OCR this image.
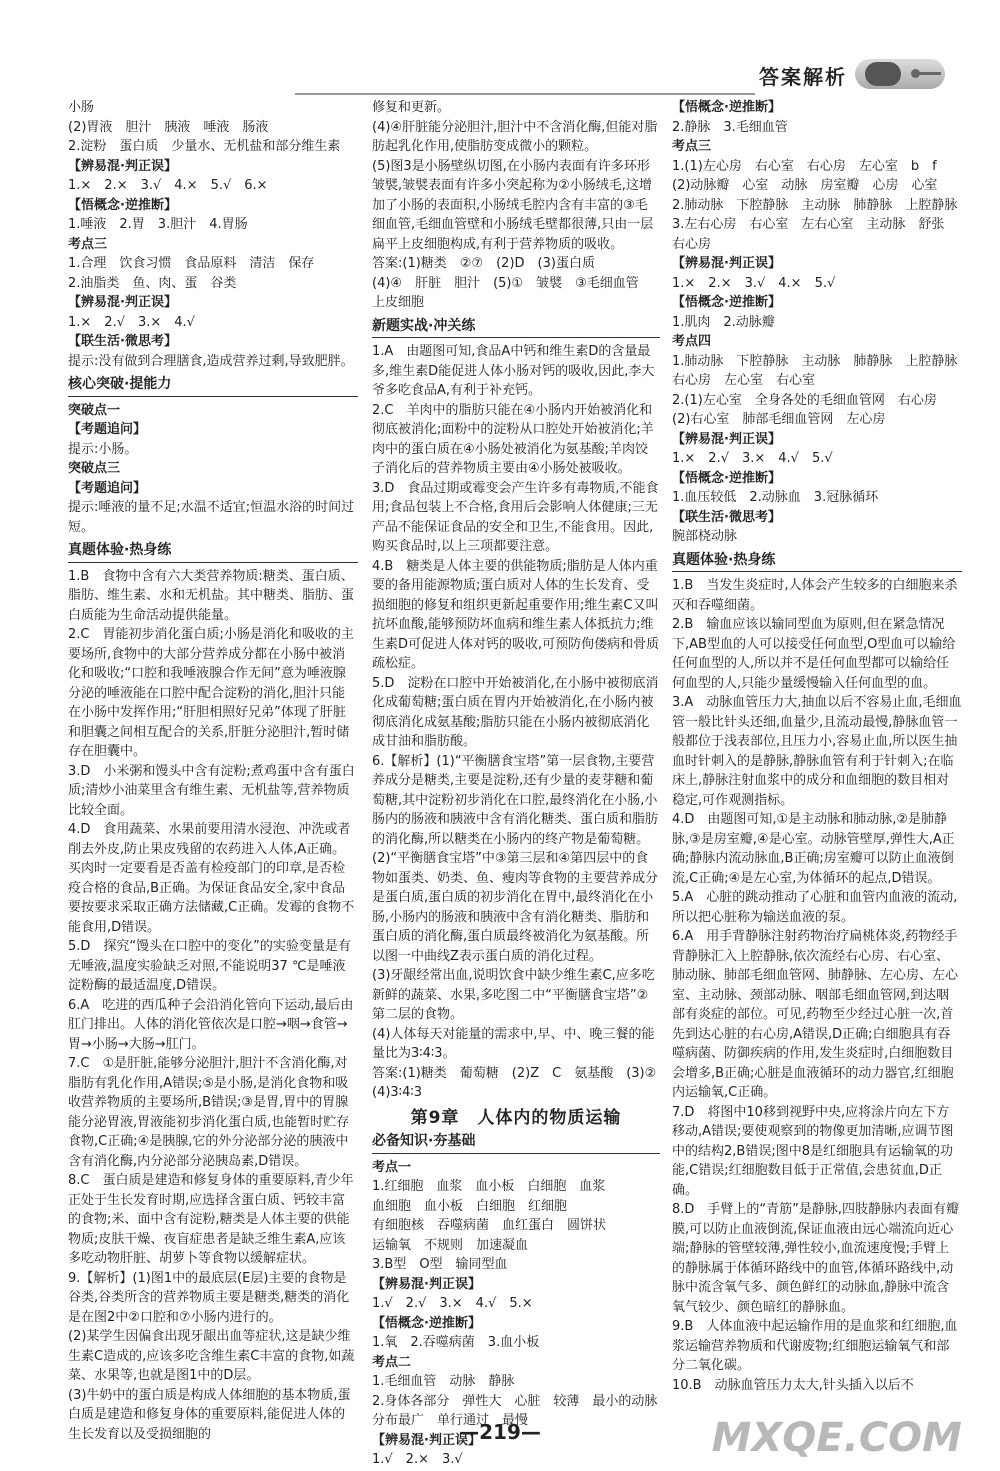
答案解析
小肠
(2)胃液　胆汁　胰液　唾液　肠液
2.淀粉　蛋白质　少量水、无机盐和部分维生素
【辨易混·判正误】
1.×　2.×　3.√　4.×　5.√　6.×
【悟概念·逆推断】
1.唾液　2.胃　3.胆汁　4.胃肠
考点三
1.合理　饮食习惯　食品原料　清洁　保存
2.油脂类　鱼、肉、蛋　谷类
【辨易混·判正误】
1.×　2.√　3.×　4.√
【联生活·微思考】
提示:没有做到合理膳食,造成营养过剩,导致肥胖。
核心突破·提能力
突破点一
【考题追问】
提示:小肠。
突破点三
【考题追问】
提示:唾液的量不足;水温不适宜;恒温水浴的时间过短。
真题体验·热身练
1.B　食物中含有六大类营养物质:糖类、蛋白质、脂肪、维生素、水和无机盐。其中糖类、脂肪、蛋白质能为生命活动提供能量。
2.C　胃能初步消化蛋白质;小肠是消化和吸收的主要场所,食物中的大部分营养成分都在小肠中被消化和吸收;“口腔和我唾液腺合作无间”意为唾液腺分泌的唾液能在口腔中配合淀粉的消化,胆汁只能在小肠中发挥作用;“肝胆相照好兄弟”体现了肝脏和胆囊之间相互配合的关系,肝脏分泌胆汁,暂时储存在胆囊中。
3.D　小米粥和馒头中含有淀粉;煮鸡蛋中含有蛋白质;清炒小油菜里含有维生素、无机盐等,营养物质比较全面。
4.D　食用蔬菜、水果前要用清水浸泡、冲洗或者削去外皮,防止果皮残留的农药进入人体,A正确。买肉时一定要看是否盖有检疫部门的印章,是否检疫合格的食品,B正确。为保证食品安全,家中食品要按要求采取正确方法储藏,C正确。发霉的食物不能食用,D错误。
5.D　探究“馒头在口腔中的变化”的实验变量是有无唾液,温度实验缺乏对照,不能说明37 ℃是唾液淀粉酶的最适温度,D错误。
6.A　吃进的西瓜种子会沿消化管向下运动,最后由肛门排出。人体的消化管依次是口腔→咽→食管→胃→小肠→大肠→肛门。
7.C　①是肝脏,能够分泌胆汁,胆汁不含消化酶,对脂肪有乳化作用,A错误;⑤是小肠,是消化食物和吸收营养物质的主要场所,B错误;③是胃,胃中的胃腺能分泌胃液,胃液能初步消化蛋白质,也能暂时贮存食物,C正确;④是胰腺,它的外分泌部分泌的胰液中含有消化酶,内分泌部分泌胰岛素,D错误。
8.C　蛋白质是建造和修复身体的重要原料,青少年正处于生长发育时期,应选择含蛋白质、钙较丰富的食物;米、面中含有淀粉,糖类是人体主要的供能物质;皮肤干燥、夜盲症患者是缺乏维生素A,应该多吃动物肝脏、胡萝卜等食物以缓解症状。
9.【解析】(1)图1中的最底层(E层)主要的食物是谷类,谷类所含的营养物质主要是糖类,糖类的消化是在图2中②口腔和⑦小肠内进行的。
(2)某学生因偏食出现牙龈出血等症状,这是缺少维生素C造成的,应该多吃含维生素C丰富的食物,如蔬菜、水果等,也就是图1中的D层。
(3)牛奶中的蛋白质是构成人体细胞的基本物质,蛋白质是建造和修复身体的重要原料,能促进人体的生长发育以及受损细胞的
修复和更新。
(4)④肝脏能分泌胆汁,胆汁中不含消化酶,但能对脂肪起乳化作用,使脂肪变成微小的颗粒。
(5)图3是小肠壁纵切图,在小肠内表面有许多环形皱襞,皱襞表面有许多小突起称为②小肠绒毛,这增加了小肠的表面积,小肠绒毛腔内含有丰富的③毛细血管,毛细血管壁和小肠绒毛壁都很薄,只由一层扁平上皮细胞构成,有利于营养物质的吸收。
答案:(1)糖类　②⑦　(2)D　(3)蛋白质
(4)④　肝脏　胆汁　(5)①　皱襞　③毛细血管
上皮细胞
新题实战·冲关练
1.A　由题图可知,食品A中钙和维生素D的含量最多,维生素D能促进人体小肠对钙的吸收,因此,李大爷多吃食品A,有利于补充钙。
2.C　羊肉中的脂肪只能在④小肠内开始被消化和彻底被消化;面粉中的淀粉从口腔处开始被消化;羊肉中的蛋白质在④小肠处被消化为氨基酸;羊肉饺子消化后的营养物质主要由④小肠处被吸收。
3.D　食品过期或霉变会产生许多有毒物质,不能食用;食品包装上不合格,食用后会影响人体健康;三无产品不能保证食品的安全和卫生,不能食用。因此,购买食品时,以上三项都要注意。
4.B　糖类是人体主要的供能物质;脂肪是人体内重要的备用能源物质;蛋白质对人体的生长发育、受损细胞的修复和组织更新起重要作用;维生素C又叫抗坏血酸,能够预防坏血病和维生素人体抵抗力;维生素D可促进人体对钙的吸收,可预防佝偻病和骨质疏松症。
5.D　淀粉在口腔中开始被消化,在小肠中被彻底消化成葡萄糖;蛋白质在胃内开始被消化,在小肠内被彻底消化成氨基酸;脂肪只能在小肠内被彻底消化成甘油和脂肪酸。
6.【解析】(1)“平衡膳食宝塔”第一层食物,主要营养成分是糖类,主要是淀粉,还有少量的麦芽糖和葡萄糖,其中淀粉初步消化在口腔,最终消化在小肠,小肠内的肠液和胰液中含有消化糖类、蛋白质和脂肪的消化酶,所以糖类在小肠内的终产物是葡萄糖。
(2)“平衡膳食宝塔”中③第三层和④第四层中的食物如蛋类、奶类、鱼、瘦肉等食物的主要营养成分是蛋白质,蛋白质的初步消化在胃中,最终消化在小肠,小肠内的肠液和胰液中含有消化糖类、脂肪和蛋白质的消化酶,蛋白质最终被消化为氨基酸。所以图一中曲线Z表示蛋白质的消化过程。
(3)牙龈经常出血,说明饮食中缺少维生素C,应多吃新鲜的蔬菜、水果,多吃图二中“平衡膳食宝塔”②第二层的食物。
(4)人体每天对能量的需求中,早、中、晚三餐的能量比为3∶4∶3。
答案:(1)糖类　葡萄糖　(2)Z　C　氨基酸　(3)②　(4)3∶4∶3
第9章　人体内的物质运输
必备知识·夯基础
考点一
1.红细胞　血浆　血小板　白细胞　血浆
血细胞　血小板　白细胞　红细胞
有细胞核　吞噬病菌　血红蛋白　圆饼状
运输氧　不规则　加速凝血
3.B型　O型　输同型血
【辨易混·判正误】
1.√　2.√　3.×　4.√　5.×
【悟概念·逆推断】
1.氧　2.吞噬病菌　3.血小板
考点二
1.毛细血管　动脉　静脉
2.身体各部分　弹性大　心脏　较薄　最小的动脉　分布最广　单行通过　最慢
【辨易混·判正误】
1.√　2.×　3.√
【悟概念·逆推断】
2.静脉　3.毛细血管
考点三
1.(1)左心房　右心室　右心房　左心室　b　f
(2)动脉瓣　心室　动脉　房室瓣　心房　心室
2.肺动脉　下腔静脉　主动脉　肺静脉　上腔静脉
3.左右心房　右心室　左右心室　主动脉　舒张　右心房
【辨易混·判正误】
1.×　2.×　3.√　4.×　5.√
【悟概念·逆推断】
1.肌肉　2.动脉瓣
考点四
1.肺动脉　下腔静脉　主动脉　肺静脉　上腔静脉　右心房　左心室　右心室
2.(1)左心室　全身各处的毛细血管网　右心房
(2)右心室　肺部毛细血管网　左心房
【辨易混·判正误】
1.×　2.√　3.×　4.√　5.√
【悟概念·逆推断】
1.血压较低　2.动脉血　3.冠脉循环
【联生活·微思考】
腕部桡动脉
真题体验·热身练
1.B　当发生炎症时,人体会产生较多的白细胞来杀灭和吞噬细菌。
2.B　输血应该以输同型血为原则,但在紧急情况下,AB型血的人可以接受任何血型,O型血可以输给任何血型的人,所以并不是任何血型都可以输给任何血型的人,只能少量缓慢输入任何血型的血。
3.A　动脉血管压力大,抽血以后不容易止血,毛细血管一般比针头还细,血量少,且流动最慢,静脉血管一般都位于浅表部位,且压力小,容易止血,所以医生抽血时针刺入的是静脉,静脉血管有利于针刺入;在临床上,静脉注射血浆中的成分和血细胞的数目相对稳定,可作观测指标。
4.D　由题图可知,①是主动脉和肺动脉,②是肺静脉,③是房室瓣,④是心室。动脉管壁厚,弹性大,A正确;静脉内流动脉血,B正确;房室瓣可以防止血液倒流,C正确;④是左心室,为体循环的起点,D错误。
5.A　心脏的跳动推动了心脏和血管内血液的流动,所以把心脏称为输送血液的泵。
6.A　用手背静脉注射药物治疗扁桃体炎,药物经手背静脉汇入上腔静脉,依次流经右心房、右心室、肺动脉、肺部毛细血管网、肺静脉、左心房、左心室、主动脉、颈部动脉、咽部毛细血管网,到达咽部有炎症的部位。可见,药物至少经过心脏一次,首先到达心脏的右心房,A错误,D正确;白细胞具有吞噬病菌、防御疾病的作用,发生炎症时,白细胞数目会增多,B正确;心脏是血液循环的动力器官,红细胞内运输氧,C正确。
7.D　将图中10移到视野中央,应将涂片向左下方移动,A错误;要使观察到的物像更加清晰,应调节图中的结构2,B错误;图中8是红细胞具有运输氧的功能,C错误;红细胞数目低于正常值,会患贫血,D正确。
8.D　手臂上的“青筋”是静脉,四肢静脉内表面有瓣膜,可以防止血液倒流,保证血液由远心端流向近心端;静脉的管壁较薄,弹性较小,血流速度慢;手臂上的静脉属于体循环路线中的血管,体循环路线中,动脉中流含氧气多、颜色鲜红的动脉血,静脉中流含氧气较少、颜色暗红的静脉血。
9.B　人体血液中起运输作用的是血浆和红细胞,血浆运输营养物质和代谢废物;红细胞运输氧气和部分二氧化碳。
10.B　动脉血管压力太大,针头插入以后不
—219—	MXQE.COM
